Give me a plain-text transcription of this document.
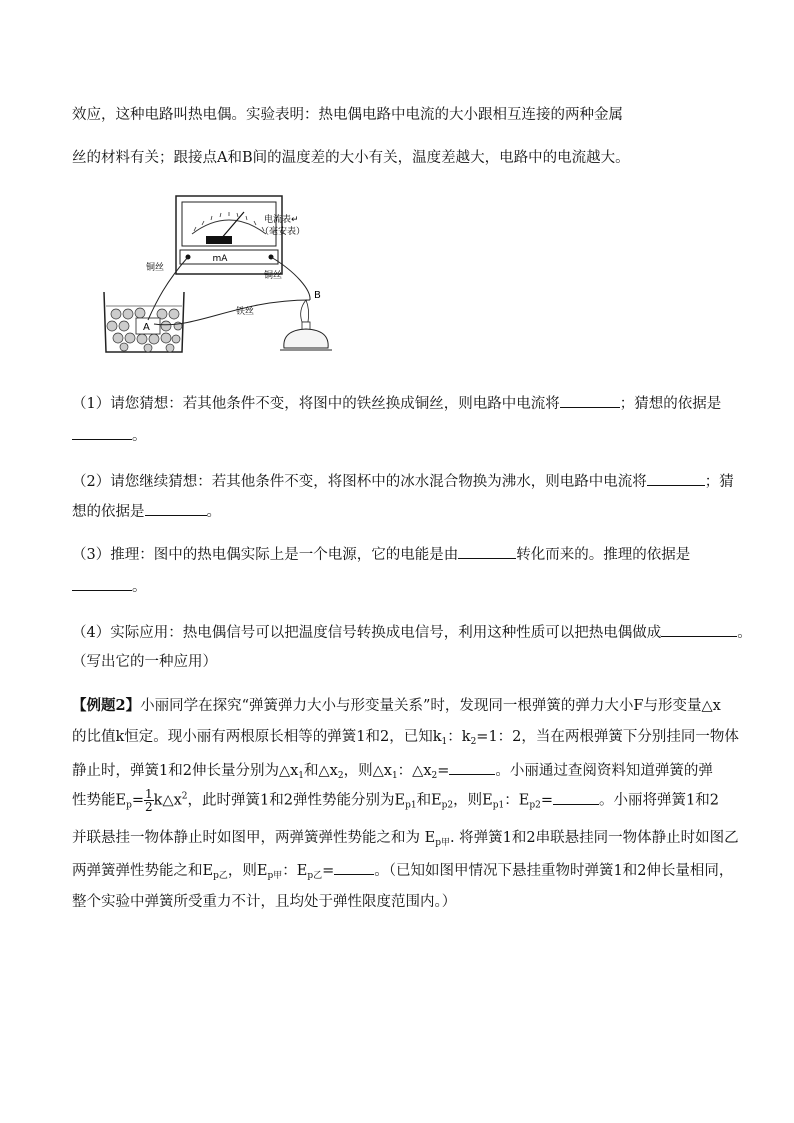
效应，这种电路叫热电偶。实验表明：热电偶电路中电流的大小跟相互连接的两种金属
丝的材料有关；跟接点A和B间的温度差的大小有关，温度差越大，电路中的电流越大。
mA
电流表↵
（毫安表）
A
铜丝
铜丝
铁丝
B
（1）请您猜想：若其他条件不变，将图中的铁丝换成铜丝，则电路中电流将	；猜想的依据是
。
（2）请您继续猜想：若其他条件不变，将图杯中的冰水混合物换为沸水，则电路中电流将	；猜
想的依据是	。
（3）推理：图中的热电偶实际上是一个电源，它的电能是由	转化而来的。推理的依据是
。
（4）实际应用：热电偶信号可以把温度信号转换成电信号，利用这种性质可以把热电偶做成	。
（写出它的一种应用）
【例题2】小丽同学在探究“弹簧弹力大小与形变量关系”时，发现同一根弹簧的弹力大小F与形变量△x
的比值k恒定。现小丽有两根原长相等的弹簧1和2，已知$k_1$：$k_2=1$：2，当在两根弹簧下分别挂同一物体
静止时，弹簧1和2伸长量分别为$\triangle x_1$和$\triangle x_2$，则$\triangle x_1$：$\triangle x_2=$	。小丽通过查阅资料知道弹簧的弹
性势能$E_p= \frac{1}{2}$ $k\triangle x^2$，此时弹簧1和2弹性势能分别为$E_{p1}$和$E_{p2}$，则$E_{p1}$：$E_{p2}=$	。小丽将弹簧1和2
并联悬挂一物体静止时如图甲，两弹簧弹性势能之和为 $E_{p甲}$. 将弹簧1和2串联悬挂同一物体静止时如图乙
两弹簧弹性势能之和$E_{p乙}$，则$E_{p甲}$：$E_{p乙}=$	。（已知如图甲情况下悬挂重物时弹簧1和2伸长量相同，
整个实验中弹簧所受重力不计，且均处于弹性限度范围内。）
